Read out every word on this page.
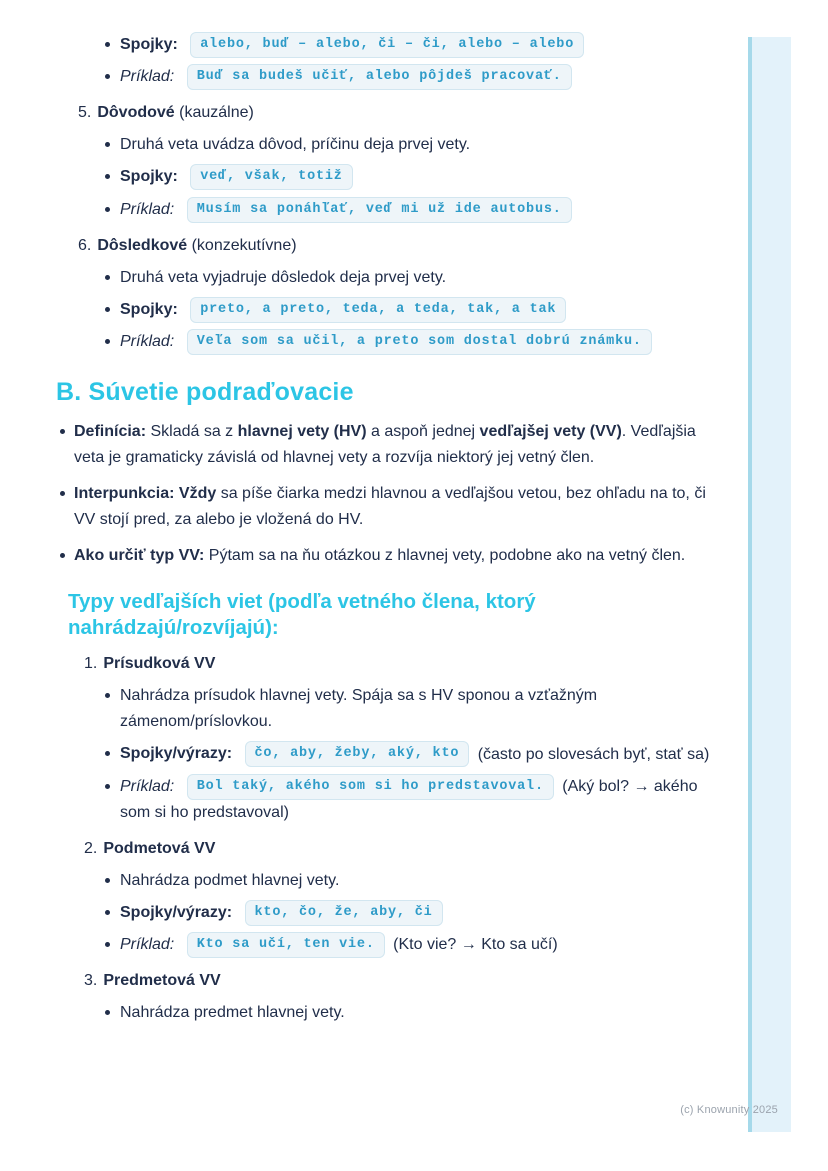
Spojky: alebo, buď – alebo, či – či, alebo – alebo
Príklad: Buď sa budeš učiť, alebo pôjdeš pracovať.
5. Dôvodové (kauzálne)
Druhá veta uvádza dôvod, príčinu deja prvej vety.
Spojky: veď, však, totiž
Príklad: Musím sa ponáhľať, veď mi už ide autobus.
6. Dôsledkové (konzekutívne)
Druhá veta vyjadruje dôsledok deja prvej vety.
Spojky: preto, a preto, teda, a teda, tak, a tak
Príklad: Veľa som sa učil, a preto som dostal dobrú známku.
B. Súvetie podraďovacie
Definícia: Skladá sa z hlavnej vety (HV) a aspoň jednej vedľajšej vety (VV). Vedľajšia veta je gramaticky závislá od hlavnej vety a rozvíja niektorý jej vetný člen.
Interpunkcia: Vždy sa píše čiarka medzi hlavnou a vedľajšou vetou, bez ohľadu na to, či VV stojí pred, za alebo je vložená do HV.
Ako určiť typ VV: Pýtam sa na ňu otázkou z hlavnej vety, podobne ako na vetný člen.
Typy vedľajších viet (podľa vetného člena, ktorý nahrádzajú/rozvíjajú):
1. Prísudková VV
Nahrádza prísudok hlavnej vety. Spája sa s HV sponou a vzťažným zámenom/príslovkou.
Spojky/výrazy: čo, aby, žeby, aký, kto (často po slovesách byť, stať sa)
Príklad: Bol taký, akého som si ho predstavoval. (Aký bol? → akého som si ho predstavoval)
2. Podmetová VV
Nahrádza podmet hlavnej vety.
Spojky/výrazy: kto, čo, že, aby, či
Príklad: Kto sa učí, ten vie. (Kto vie? → Kto sa učí)
3. Predmetová VV
Nahrádza predmet hlavnej vety.
(c) Knowunity 2025
